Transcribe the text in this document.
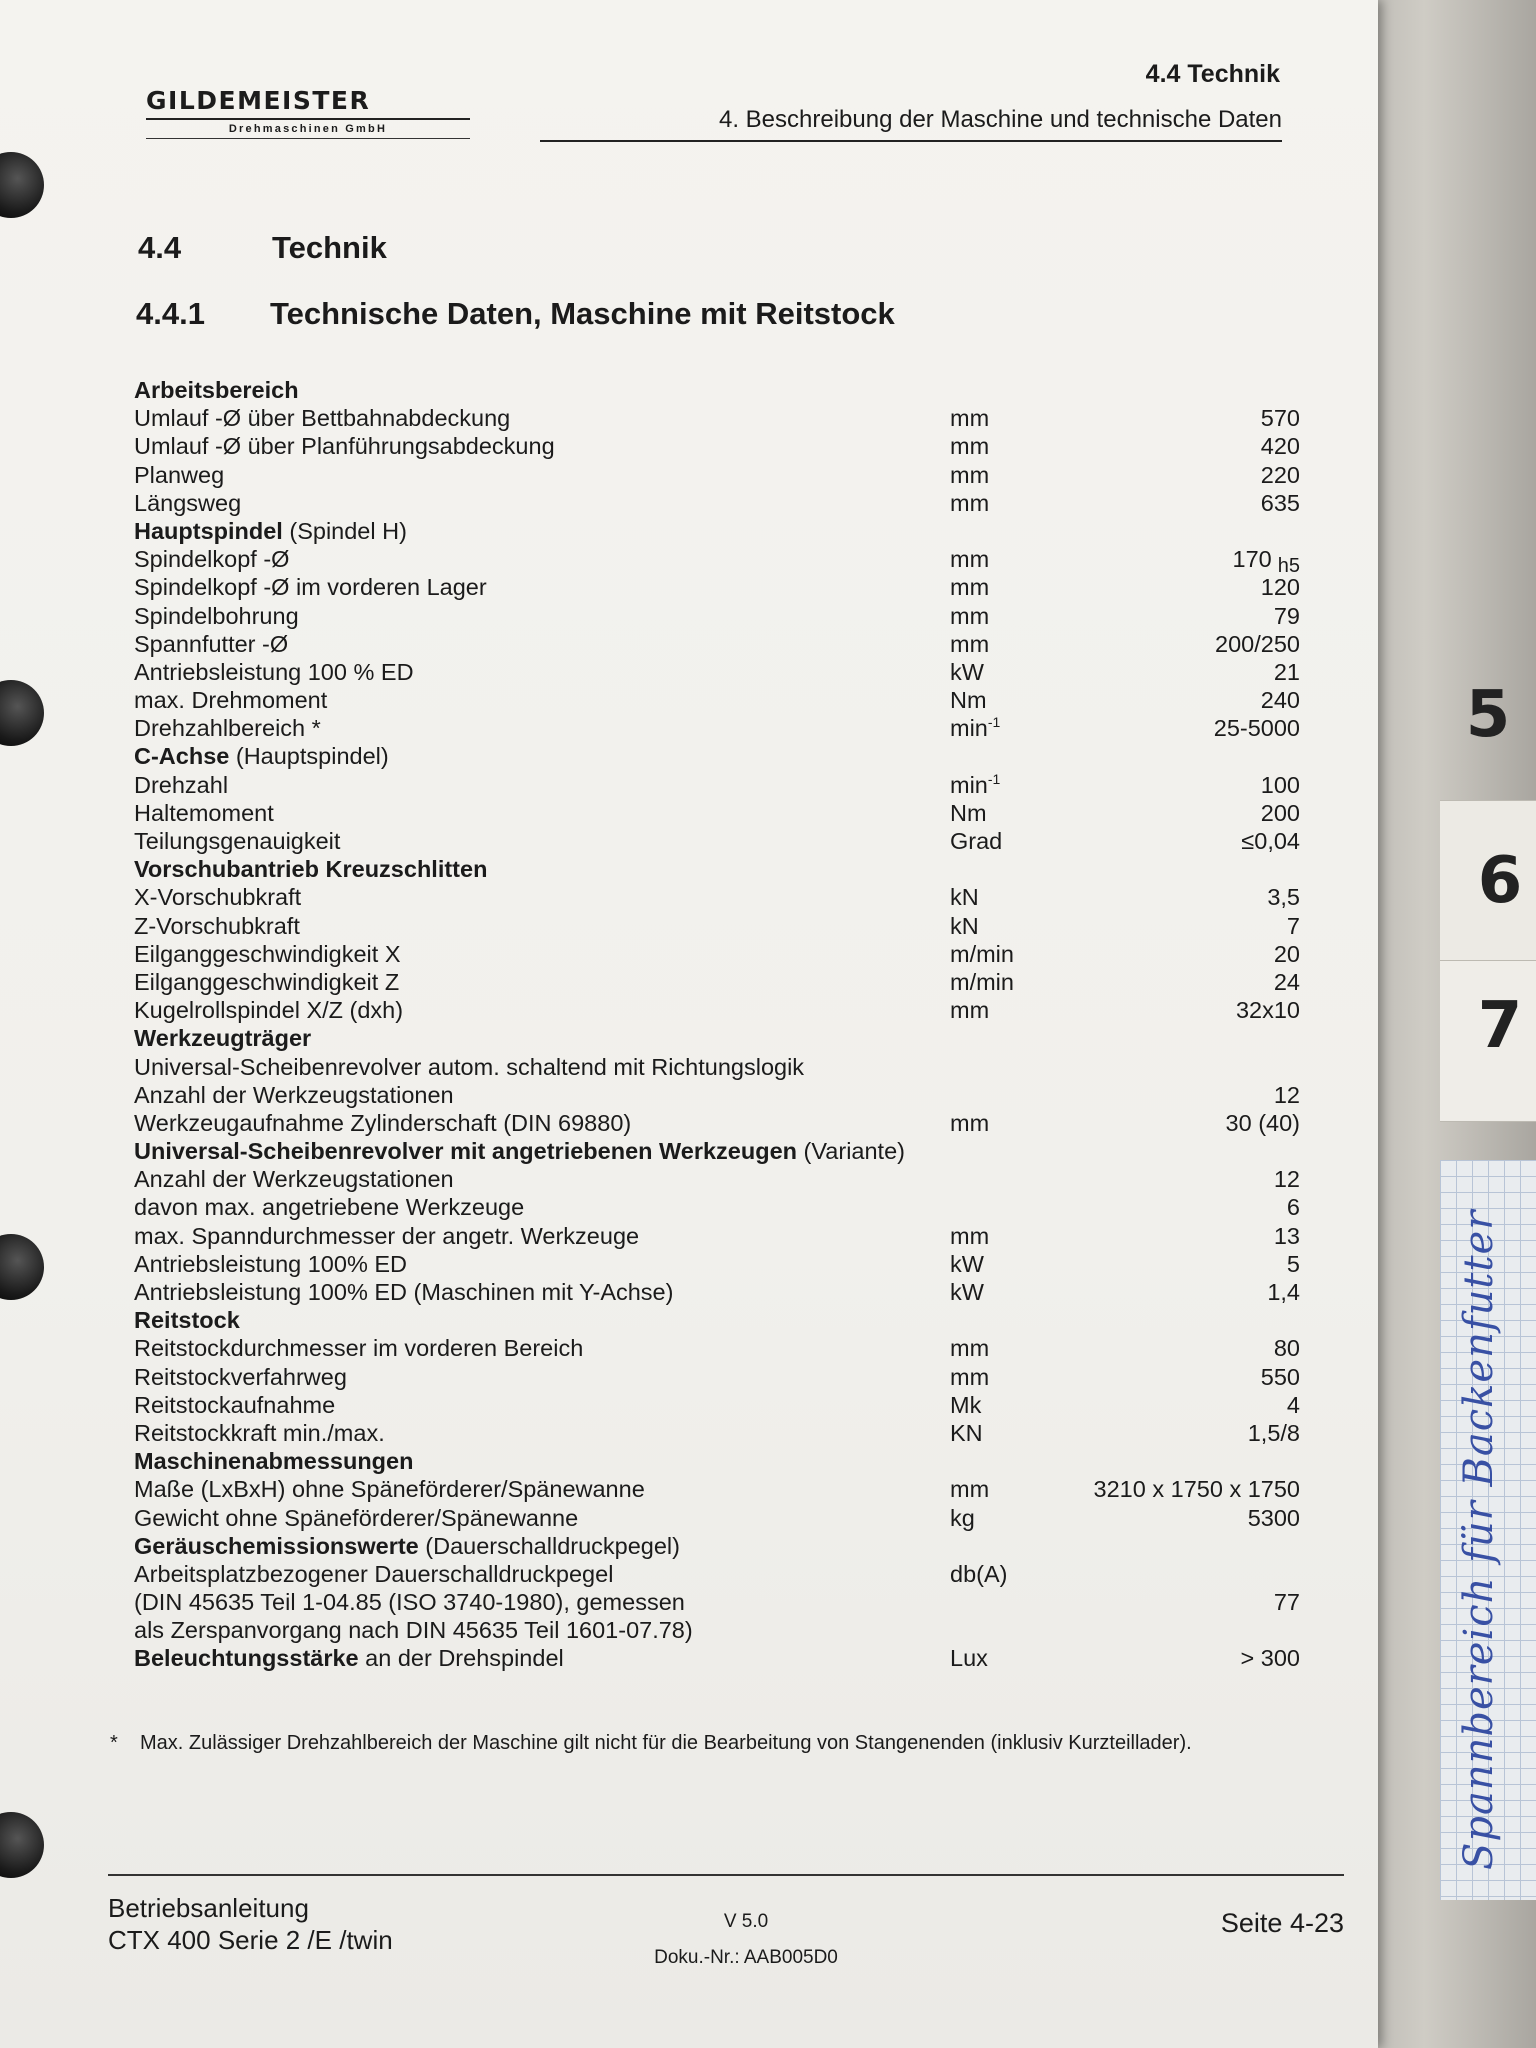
Spannbereich für Backenfutter
5
6
7
GILDEMEISTER
Drehmaschinen GmbH
4.4 Technik
4. Beschreibung der Maschine und technische Daten
4.4	Technik
4.4.1 Technische Daten, Maschine mit Reitstock
Arbeitsbereich
Umlauf -Ø über Bettbahnabdeckung	mm	570
Umlauf -Ø über Planführungsabdeckung	mm	420
Planweg	mm	220
Längsweg	mm	635
Hauptspindel (Spindel H)
Spindelkopf -Ø	mm	170 h5
Spindelkopf -Ø im vorderen Lager	mm	120
Spindelbohrung	mm	79
Spannfutter -Ø	mm	200/250
Antriebsleistung 100 % ED	kW	21
max. Drehmoment	Nm	240
Drehzahlbereich *	$\min^{-1}$	25-5000
C-Achse (Hauptspindel)
Drehzahl	$\min^{-1}$	100
Haltemoment	Nm	200
Teilungsgenauigkeit	Grad	≤0,04
Vorschubantrieb Kreuzschlitten
X-Vorschubkraft	kN	3,5
Z-Vorschubkraft	kN	7
Eilganggeschwindigkeit X	m/min	20
Eilganggeschwindigkeit Z	m/min	24
Kugelrollspindel X/Z (dxh)	mm	32x10
Werkzeugträger
Universal-Scheibenrevolver autom. schaltend mit Richtungslogik
Anzahl der Werkzeugstationen	12
Werkzeugaufnahme Zylinderschaft (DIN 69880)	mm	30 (40)
Universal-Scheibenrevolver mit angetriebenen Werkzeugen (Variante)
Anzahl der Werkzeugstationen	12
davon max. angetriebene Werkzeuge	6
max. Spanndurchmesser der angetr. Werkzeuge	mm	13
Antriebsleistung 100% ED	kW	5
Antriebsleistung 100% ED (Maschinen mit Y-Achse)	kW	1,4
Reitstock
Reitstockdurchmesser im vorderen Bereich	mm	80
Reitstockverfahrweg	mm	550
Reitstockaufnahme	Mk	4
Reitstockkraft min./max.	KN	1,5/8
Maschinenabmessungen
Maße (LxBxH) ohne Späneförderer/Spänewanne	mm	3210 x 1750 x 1750
Gewicht ohne Späneförderer/Spänewanne	kg	5300
Geräuschemissionswerte (Dauerschalldruckpegel)
Arbeitsplatzbezogener Dauerschalldruckpegel	db(A)
(DIN 45635 Teil 1-04.85 (ISO 3740-1980), gemessen	77
als Zerspanvorgang nach DIN 45635 Teil 1601-07.78)
Beleuchtungsstärke an der Drehspindel	Lux	> 300
* Max. Zulässiger Drehzahlbereich der Maschine gilt nicht für die Bearbeitung von Stangenenden (inklusiv Kurzteillader).
Betriebsanleitung
CTX 400 Serie 2 /E /twin
V 5.0
Doku.-Nr.: AAB005D0
Seite 4-23
